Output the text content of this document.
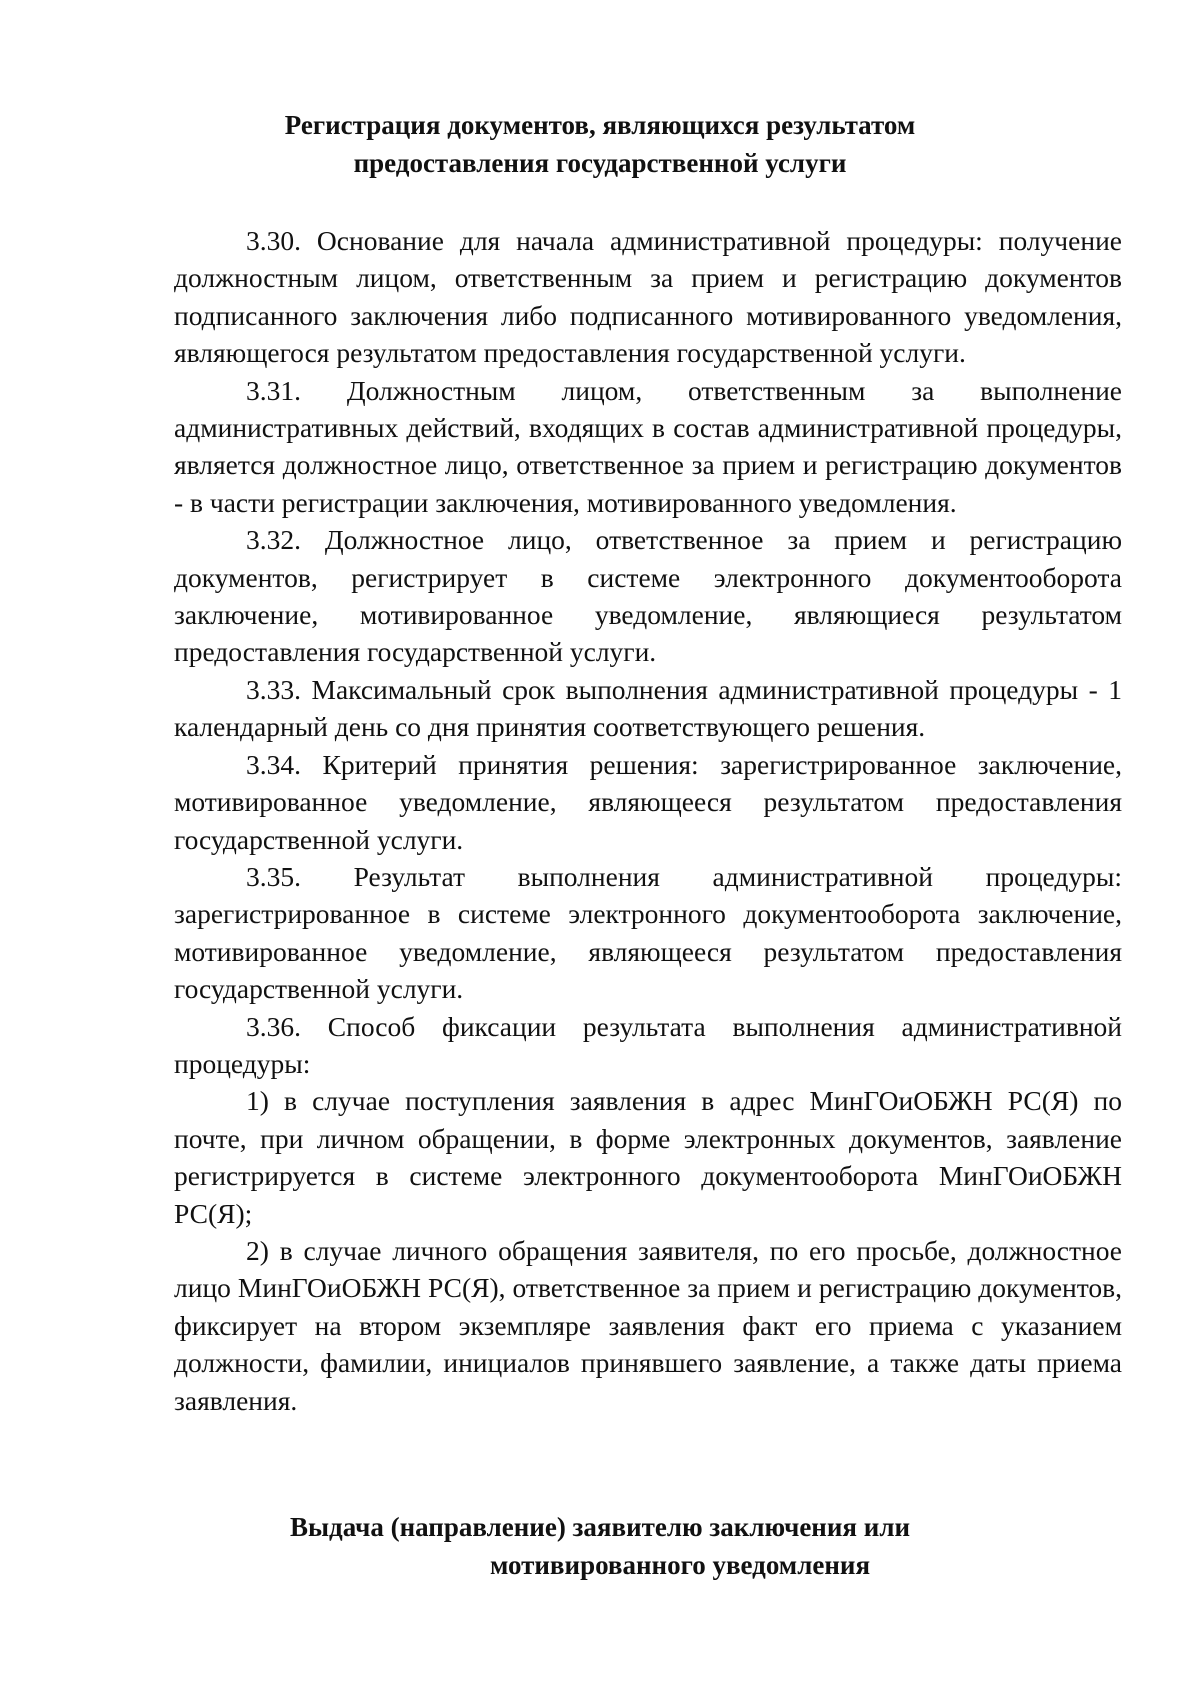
Регистрация документов, являющихся результатом
предоставления государственной услуги

3.30. Основание для начала административной процедуры: получение должностным лицом, ответственным за прием и регистрацию документов подписанного заключения либо подписанного мотивированного уведомления, являющегося результатом предоставления государственной услуги.

3.31. Должностным лицом, ответственным за выполнение административных действий, входящих в состав административной процедуры, является должностное лицо, ответственное за прием и регистрацию документов - в части регистрации заключения, мотивированного уведомления.

3.32. Должностное лицо, ответственное за прием и регистрацию документов, регистрирует в системе электронного документооборота заключение, мотивированное уведомление, являющиеся результатом предоставления государственной услуги.

3.33. Максимальный срок выполнения административной процедуры - 1 календарный день со дня принятия соответствующего решения.

3.34. Критерий принятия решения: зарегистрированное заключение, мотивированное уведомление, являющееся результатом предоставления государственной услуги.

3.35. Результат выполнения административной процедуры: зарегистрированное в системе электронного документооборота заключение, мотивированное уведомление, являющееся результатом предоставления государственной услуги.

3.36. Способ фиксации результата выполнения административной процедуры:

1) в случае поступления заявления в адрес МинГОиОБЖН РС(Я) по почте, при личном обращении, в форме электронных документов, заявление регистрируется в системе электронного документооборота МинГОиОБЖН РС(Я);

2) в случае личного обращения заявителя, по его просьбе, должностное лицо МинГОиОБЖН РС(Я), ответственное за прием и регистрацию документов, фиксирует на втором экземпляре заявления факт его приема с указанием должности, фамилии, инициалов принявшего заявление, а также даты приема заявления.

Выдача (направление) заявителю заключения или
мотивированного уведомления
